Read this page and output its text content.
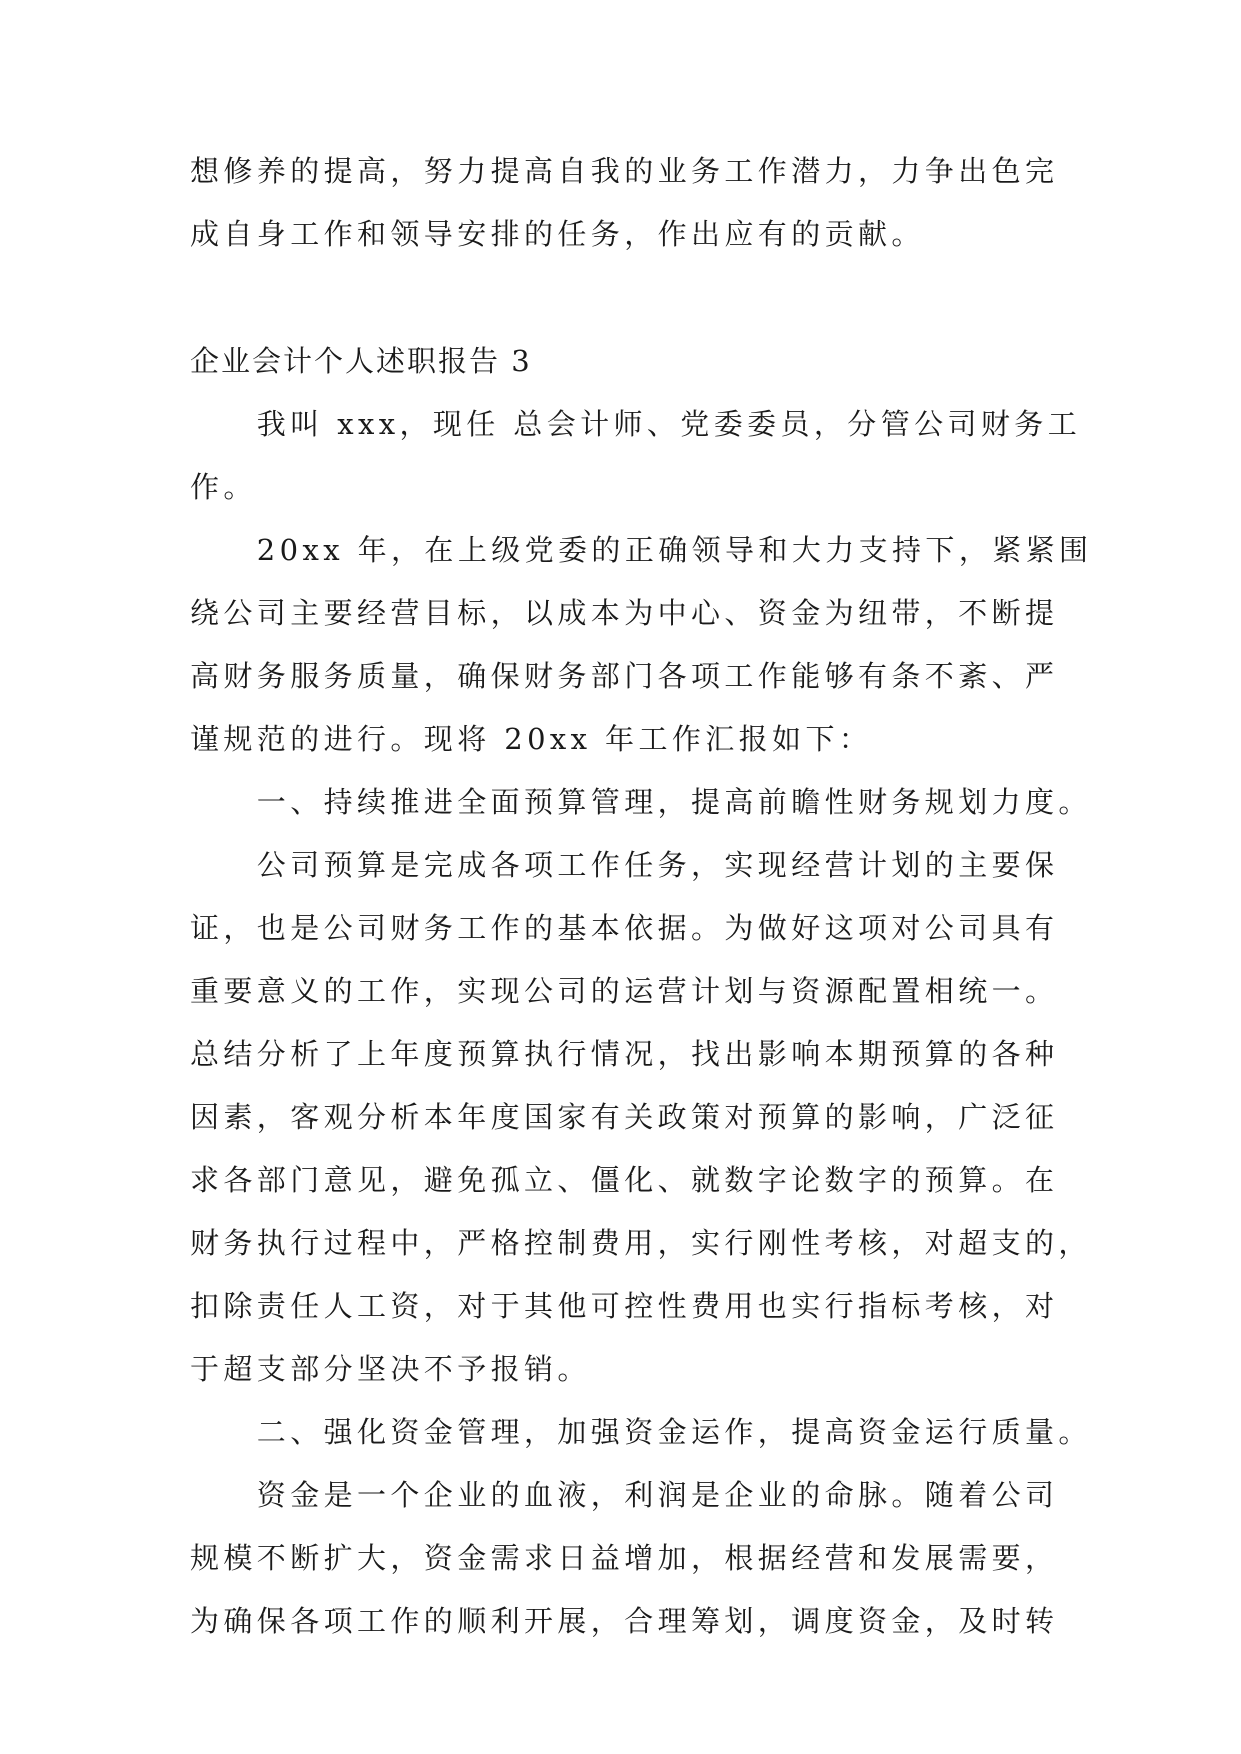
想修养的提高，努力提高自我的业务工作潜力，力争出色完
成自身工作和领导安排的任务，作出应有的贡献。
企业会计个人述职报告 3
　　我叫 xxx，现任 总会计师、党委委员，分管公司财务工
作。
　　20xx 年，在上级党委的正确领导和大力支持下，紧紧围
绕公司主要经营目标，以成本为中心、资金为纽带，不断提
高财务服务质量，确保财务部门各项工作能够有条不紊、严
谨规范的进行。现将 20xx 年工作汇报如下：
　　一、持续推进全面预算管理，提高前瞻性财务规划力度。
　　公司预算是完成各项工作任务，实现经营计划的主要保
证，也是公司财务工作的基本依据。为做好这项对公司具有
重要意义的工作，实现公司的运营计划与资源配置相统一。
总结分析了上年度预算执行情况，找出影响本期预算的各种
因素，客观分析本年度国家有关政策对预算的影响，广泛征
求各部门意见，避免孤立、僵化、就数字论数字的预算。在
财务执行过程中，严格控制费用，实行刚性考核，对超支的，
扣除责任人工资，对于其他可控性费用也实行指标考核，对
于超支部分坚决不予报销。
　　二、强化资金管理，加强资金运作，提高资金运行质量。
　　资金是一个企业的血液，利润是企业的命脉。随着公司
规模不断扩大，资金需求日益增加，根据经营和发展需要，
为确保各项工作的顺利开展，合理筹划，调度资金，及时转
